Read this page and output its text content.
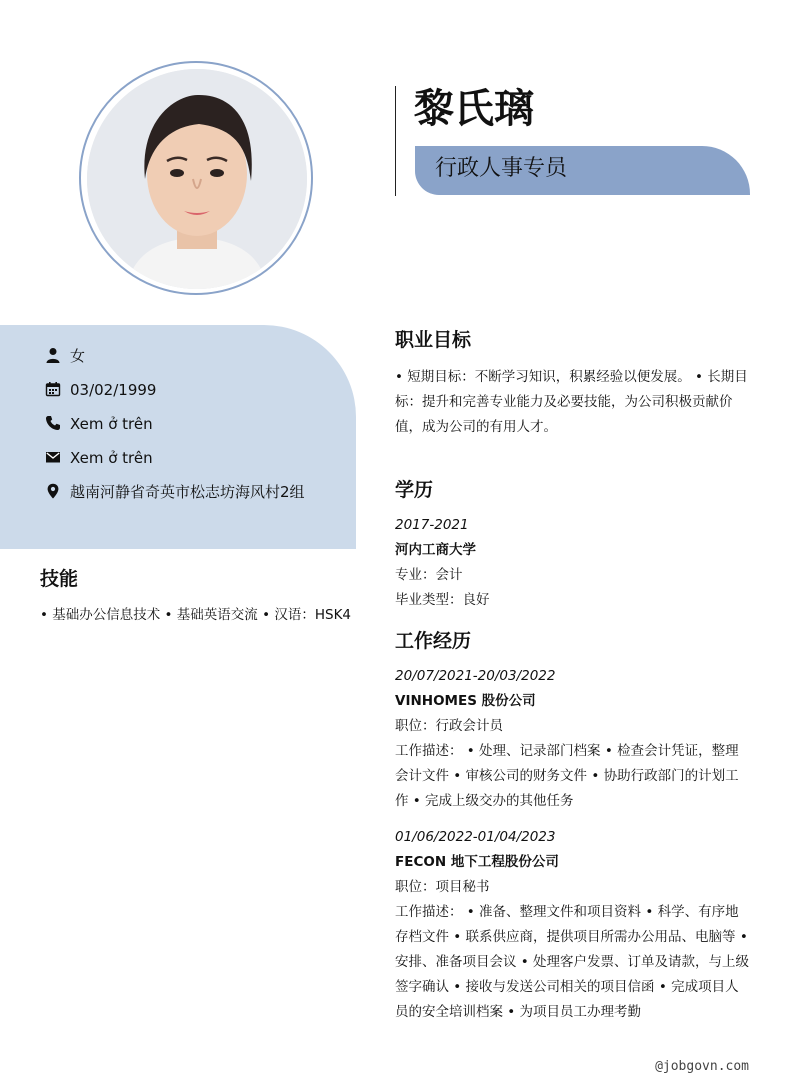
黎氏璃
行政人事专员
女
03/02/1999
Xem ở trên
Xem ở trên
越南河静省奇英市松志坊海风村2组
技能
• 基础办公信息技术 • 基础英语交流 • 汉语：HSK4
职业目标
• 短期目标：不断学习知识，积累经验以便发展。 • 长期目标：提升和完善专业能力及必要技能，为公司积极贡献价值，成为公司的有用人才。
学历
2017-2021
河内工商大学
专业：会计
毕业类型：良好
工作经历
20/07/2021-20/03/2022
VINHOMES 股份公司
职位：行政会计员
工作描述： • 处理、记录部门档案 • 检查会计凭证，整理会计文件 • 审核公司的财务文件 • 协助行政部门的计划工作 • 完成上级交办的其他任务
01/06/2022-01/04/2023
FECON 地下工程股份公司
职位：项目秘书
工作描述： • 准备、整理文件和项目资料 • 科学、有序地存档文件 • 联系供应商，提供项目所需办公用品、电脑等 • 安排、准备项目会议 • 处理客户发票、订单及请款，与上级签字确认 • 接收与发送公司相关的项目信函 • 完成项目人员的安全培训档案 • 为项目员工办理考勤
@jobgovn.com
